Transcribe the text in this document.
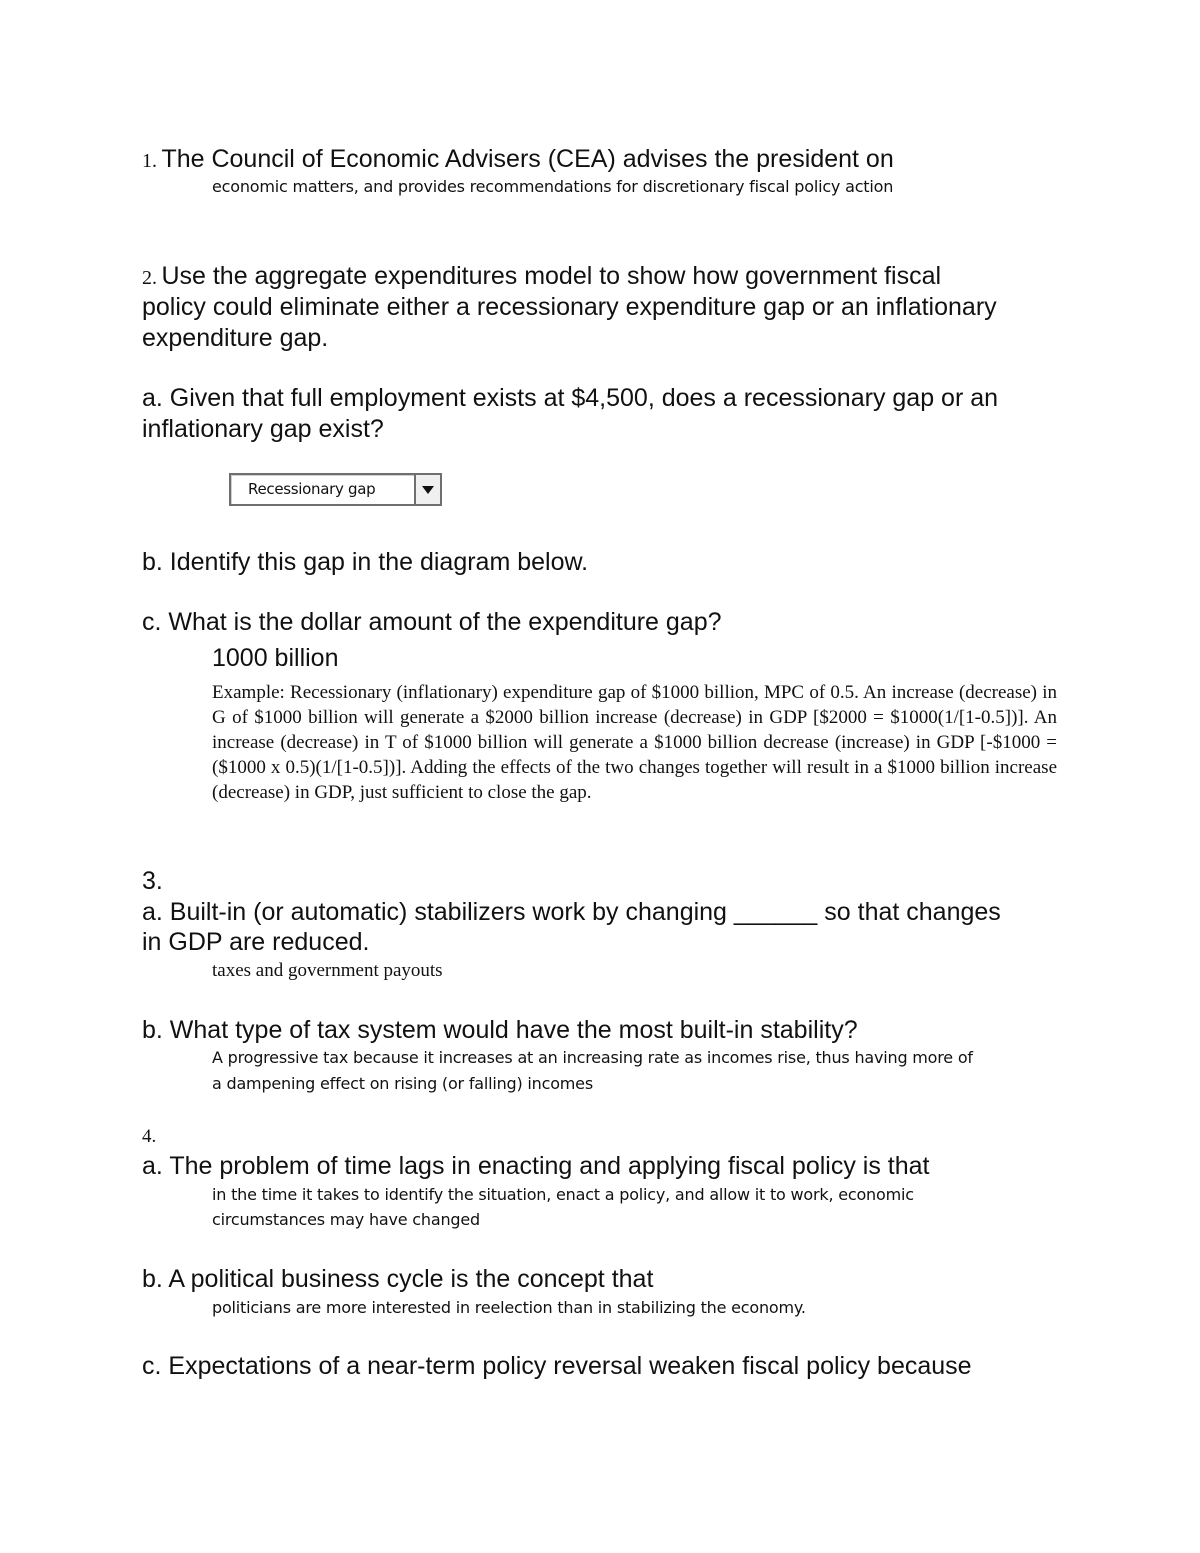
1. The Council of Economic Advisers (CEA) advises the president on
economic matters, and provides recommendations for discretionary fiscal policy action
2. Use the aggregate expenditures model to show how government fiscal
policy could eliminate either a recessionary expenditure gap or an inflationary
expenditure gap.
a. Given that full employment exists at $4,500, does a recessionary gap or an
inflationary gap exist?
Recessionary gap
b. Identify this gap in the diagram below.
c. What is the dollar amount of the expenditure gap?
1000 billion
Example: Recessionary (inflationary) expenditure gap of $1000 billion, MPC of 0.5. An increase (decrease) in G of $1000 billion will generate a $2000 billion increase (decrease) in GDP [$2000 = $1000(1/[1-0.5])]. An increase (decrease) in T of $1000 billion will generate a $1000 billion decrease (increase) in GDP [-$1000 = ($1000 x 0.5)(1/[1-0.5])]. Adding the effects of the two changes together will result in a $1000 billion increase (decrease) in GDP, just sufficient to close the gap.
3.
a. Built-in (or automatic) stabilizers work by changing ______ so that changes
in GDP are reduced.
taxes and government payouts
b. What type of tax system would have the most built-in stability?
A progressive tax because it increases at an increasing rate as incomes rise, thus having more of
a dampening effect on rising (or falling) incomes
4.
a. The problem of time lags in enacting and applying fiscal policy is that
in the time it takes to identify the situation, enact a policy, and allow it to work, economic
circumstances may have changed
b. A political business cycle is the concept that
politicians are more interested in reelection than in stabilizing the economy.
c. Expectations of a near-term policy reversal weaken fiscal policy because
